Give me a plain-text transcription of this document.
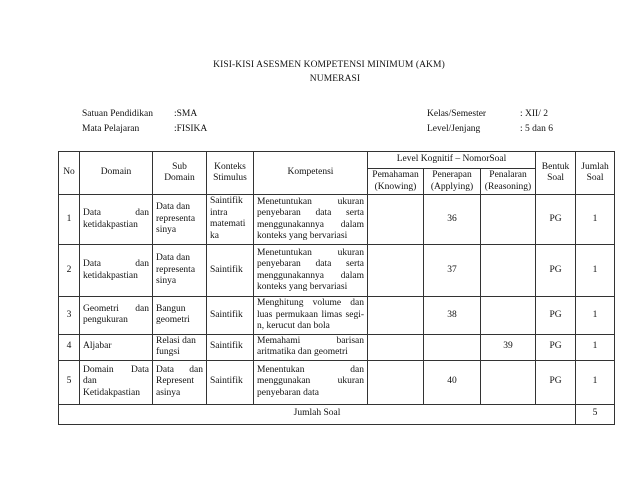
KISI-KISI ASESMEN KOMPETENSI MINIMUM (AKM)
NUMERASI
Satuan Pendidikan :SMA
Mata Pelajaran	:FISIKA
Kelas/Semester	: XII/ 2
Level/Jenjang	: 5 dan 6
No	Domain	Sub Domain	Konteks Stimulus	Kompetensi	Level Kognitif – NomorSoal			Bentuk Soal	Jumlah Soal
					Pemahaman (Knowing)	Penerapan (Applying)	Penalaran (Reasoning)		
1	Data dan ketidakpastian	Data dan representa sinya	Saintifik intra matemati ka	Menetuntukan ukuran penyebaran data serta menggunakannya dalam konteks yang bervariasi		36		PG	1
2	Data dan ketidakpastian	Data dan representa sinya	Saintifik	Menetuntukan ukuran penyebaran data serta menggunakannya dalam konteks yang bervariasi		37		PG	1
3	Geometri dan pengukuran	Bangun geometri	Saintifik	Menghitung volume dan luas permukaan limas segi-n, kerucut dan bola		38		PG	1
4	Aljabar	Relasi dan fungsi	Saintifik	Memahami barisan aritmatika dan geometri			39	PG	1
5	Domain Data dan Ketidakpastian	Data dan Represent asinya	Saintifik	Menentukan dan menggunakan ukuran penyebaran data		40		PG	1
Jumlah Soal									5
